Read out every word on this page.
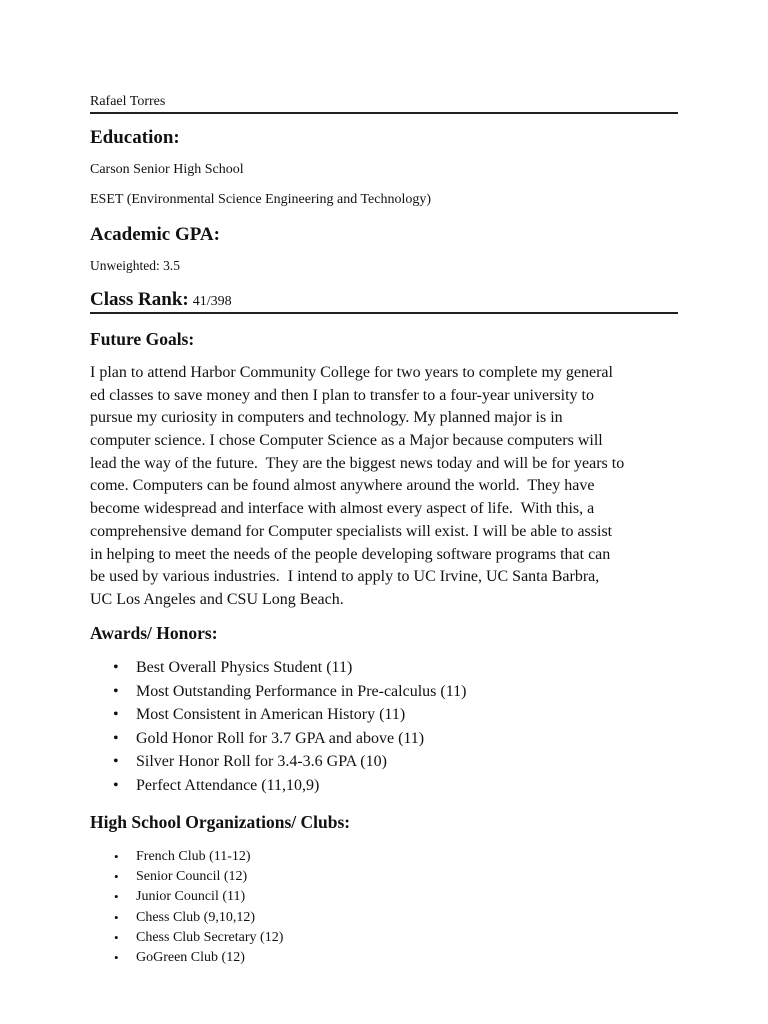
Rafael Torres
Education:
Carson Senior High School
ESET (Environmental Science Engineering and Technology)
Academic GPA:
Unweighted: 3.5
Class Rank: 41/398
Future Goals:
I plan to attend Harbor Community College for two years to complete my general
ed classes to save money and then I plan to transfer to a four-year university to
pursue my curiosity in computers and technology. My planned major is in
computer science. I chose Computer Science as a Major because computers will
lead the way of the future.  They are the biggest news today and will be for years to
come. Computers can be found almost anywhere around the world.  They have
become widespread and interface with almost every aspect of life.  With this, a
comprehensive demand for Computer specialists will exist. I will be able to assist
in helping to meet the needs of the people developing software programs that can
be used by various industries.  I intend to apply to UC Irvine, UC Santa Barbra,
UC Los Angeles and CSU Long Beach.
Awards/ Honors:
• Best Overall Physics Student (11)
• Most Outstanding Performance in Pre-calculus (11)
• Most Consistent in American History (11)
• Gold Honor Roll for 3.7 GPA and above (11)
• Silver Honor Roll for 3.4-3.6 GPA (10)
• Perfect Attendance (11,10,9)
High School Organizations/ Clubs:
• French Club (11-12)
• Senior Council (12)
• Junior Council (11)
• Chess Club (9,10,12)
• Chess Club Secretary (12)
• GoGreen Club (12)
